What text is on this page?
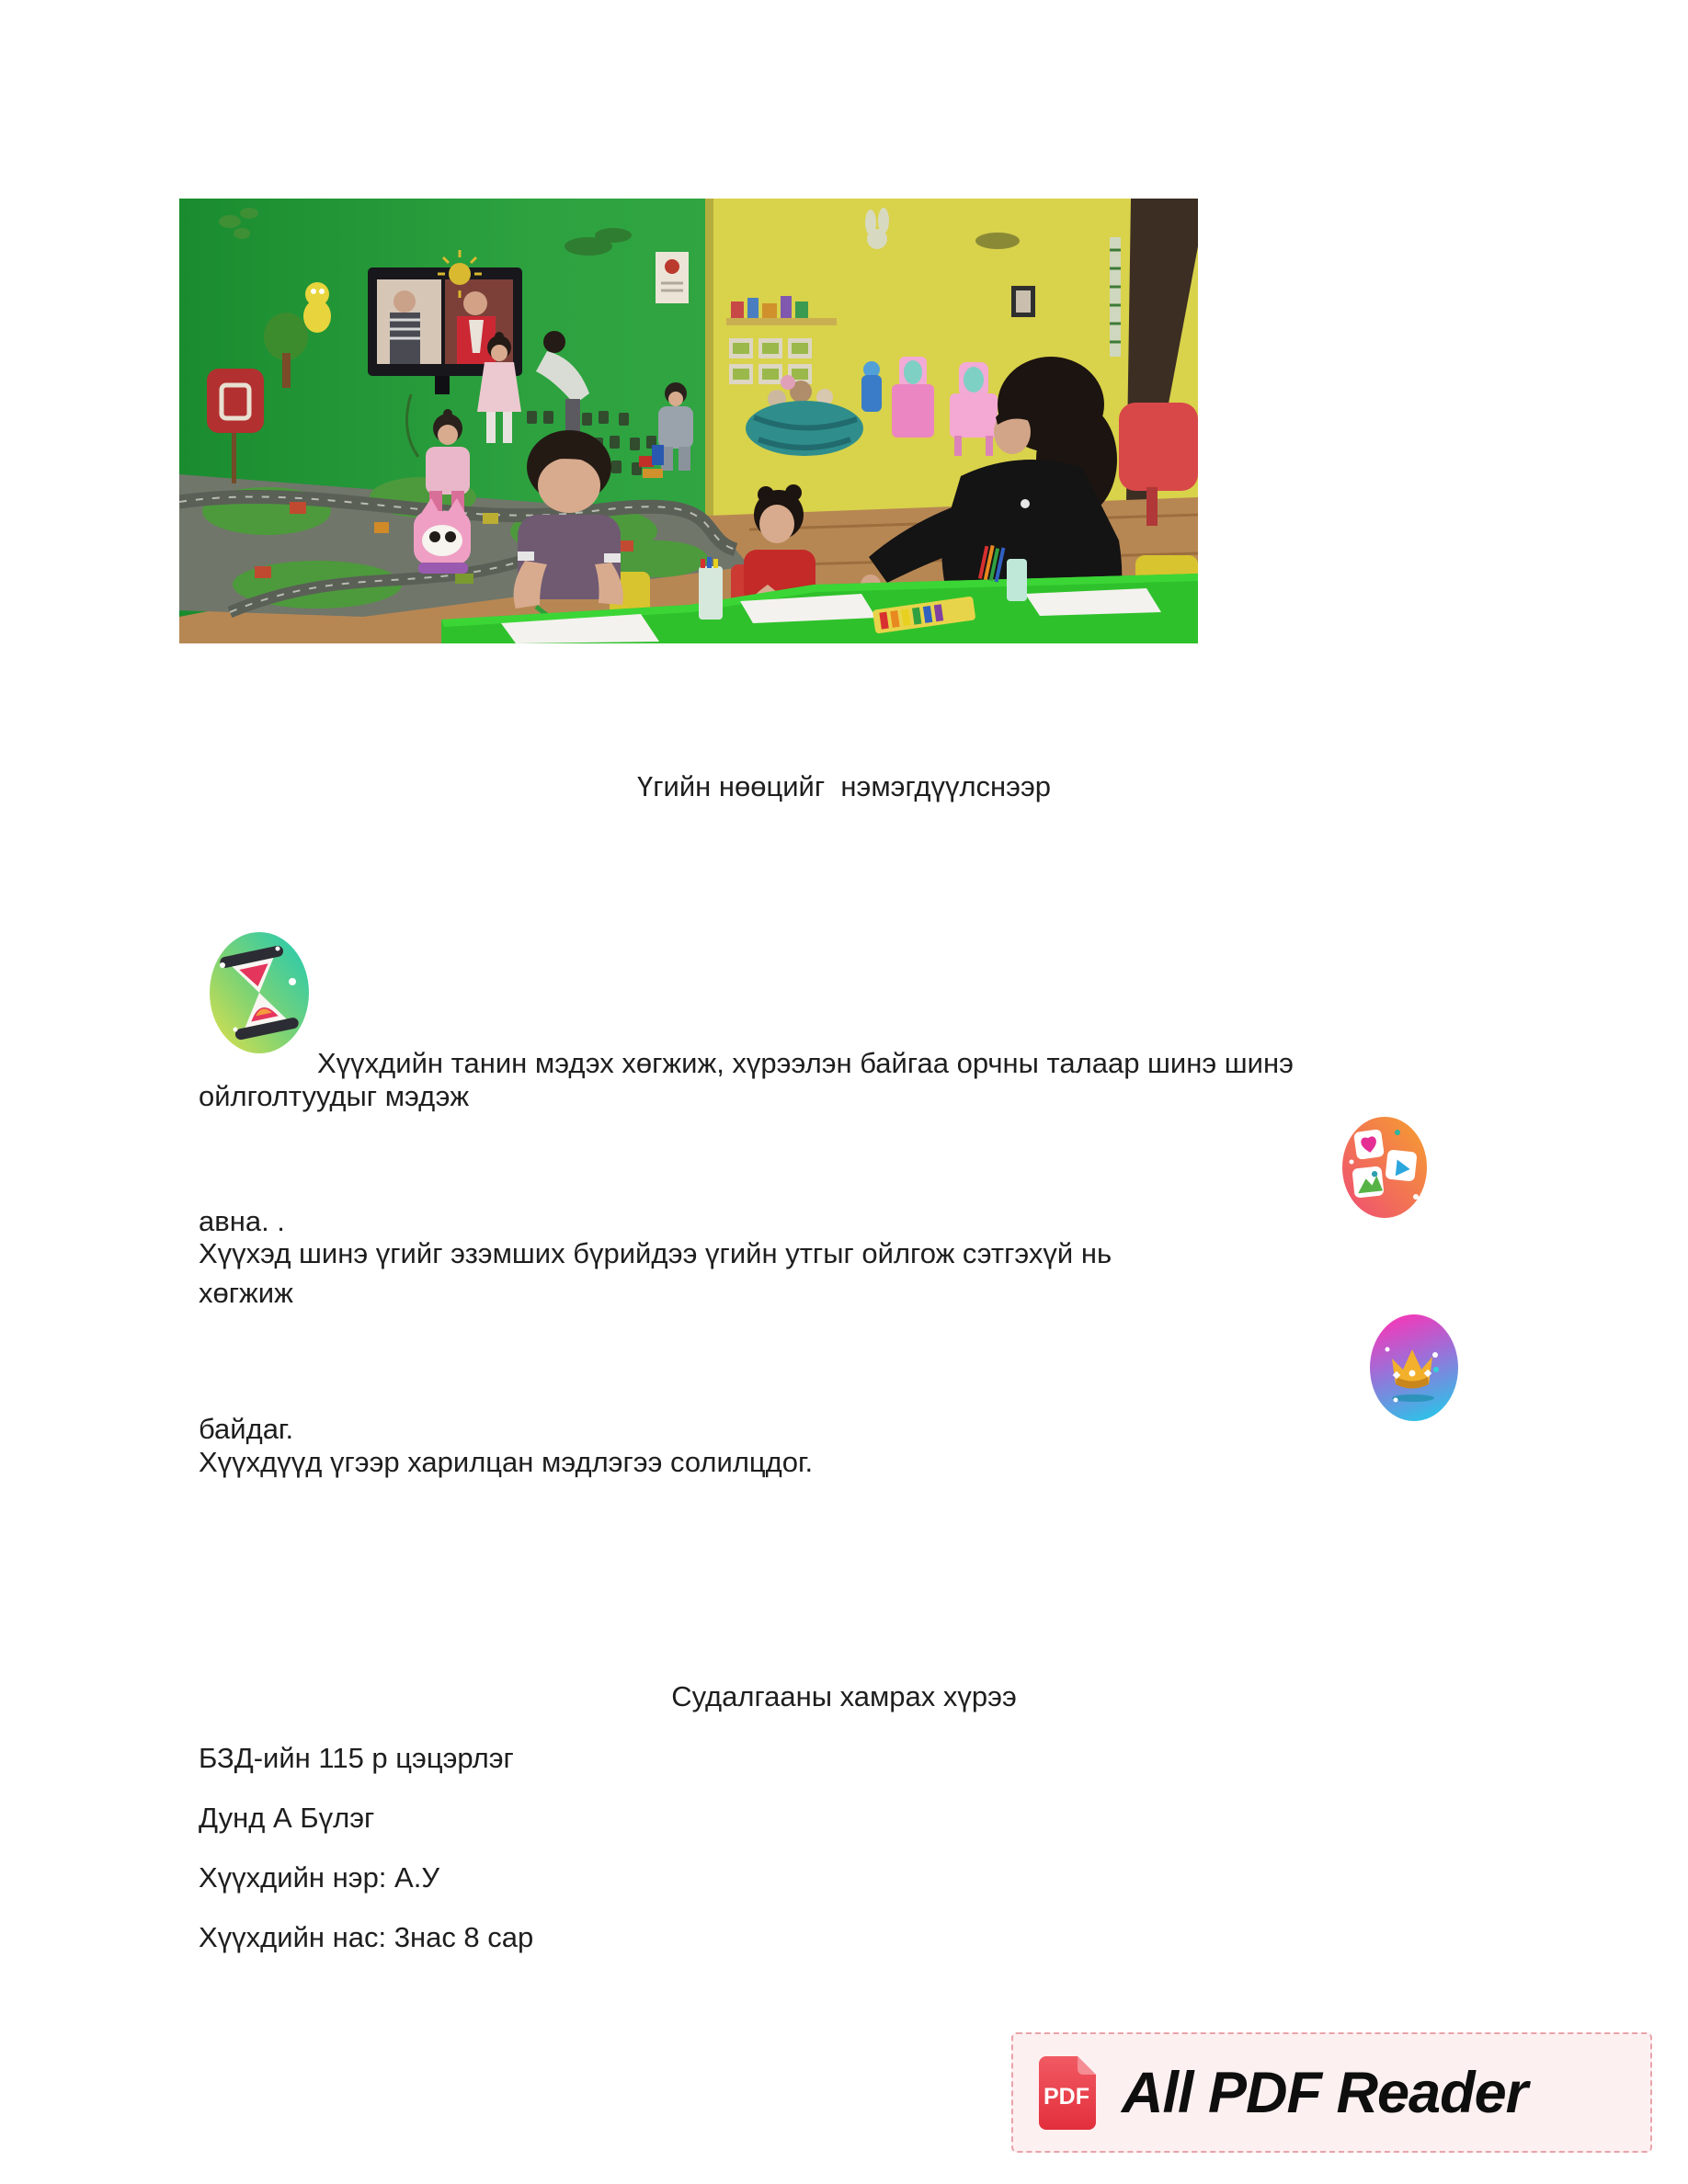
Үгийн нөөцийг  нэмэгдүүлснээр
Хүүхдийн танин мэдэх хөгжиж, хүрээлэн байгаа орчны талаар шинэ шинэ
ойлголтуудыг мэдэж
авна. .
Хүүхэд шинэ үгийг эзэмших бүрийдээ үгийн утгыг ойлгож сэтгэхүй нь
хөгжиж
байдаг.
Хүүхдүүд үгээр харилцан мэдлэгээ солилцдог.
Судалгааны хамрах хүрээ
БЗД-ийн 115 р цэцэрлэг
Дунд А Бүлэг
Хүүхдийн нэр: А.У
Хүүхдийн нас: 3нас 8 сар
PDF All PDF Reader
